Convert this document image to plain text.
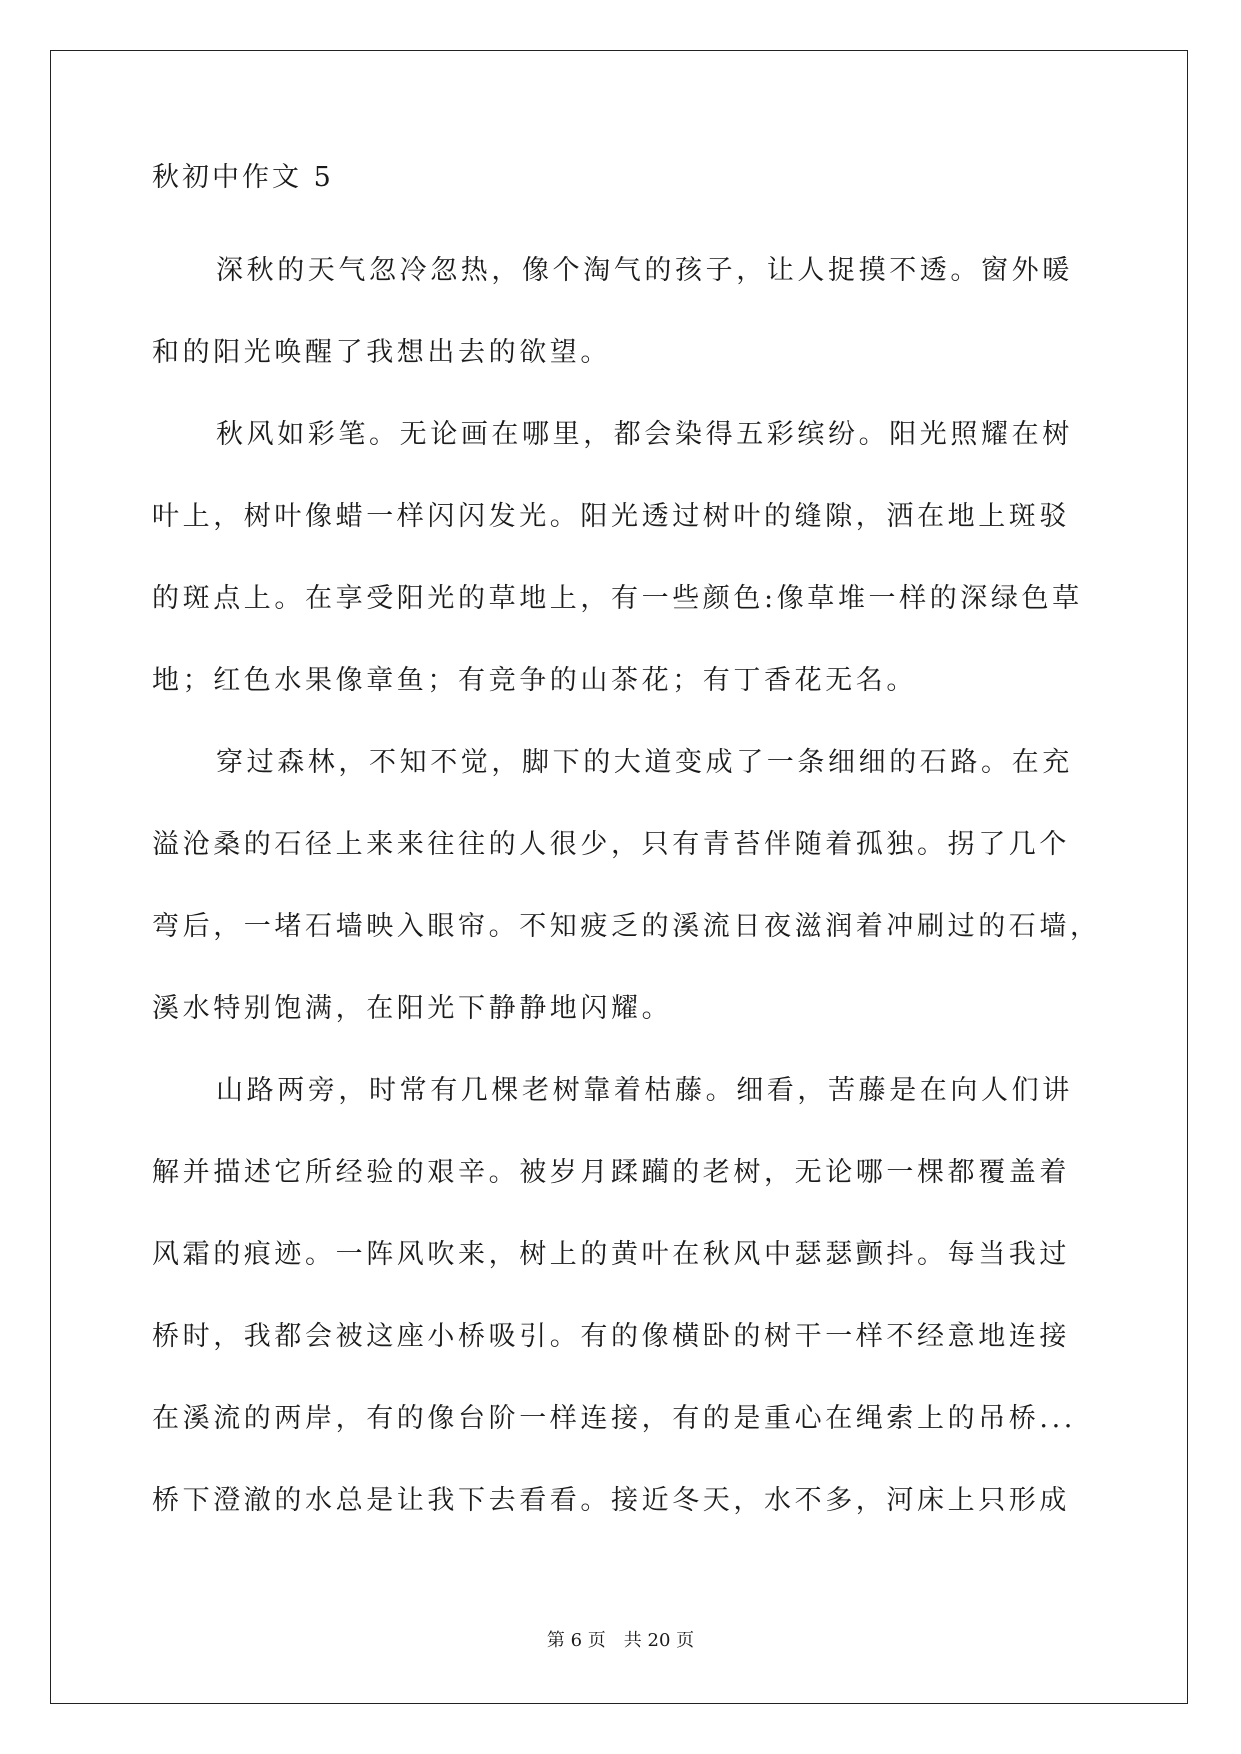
秋初中作文 5

深秋的天气忽冷忽热，像个淘气的孩子，让人捉摸不透。窗外暖
和的阳光唤醒了我想出去的欲望。

秋风如彩笔。无论画在哪里，都会染得五彩缤纷。阳光照耀在树
叶上，树叶像蜡一样闪闪发光。阳光透过树叶的缝隙，洒在地上斑驳
的斑点上。在享受阳光的草地上，有一些颜色:像草堆一样的深绿色草
地；红色水果像章鱼；有竞争的山茶花；有丁香花无名。

穿过森林，不知不觉，脚下的大道变成了一条细细的石路。在充
溢沧桑的石径上来来往往的人很少，只有青苔伴随着孤独。拐了几个
弯后，一堵石墙映入眼帘。不知疲乏的溪流日夜滋润着冲刷过的石墙，
溪水特别饱满，在阳光下静静地闪耀。

山路两旁，时常有几棵老树靠着枯藤。细看，苦藤是在向人们讲
解并描述它所经验的艰辛。被岁月蹂躏的老树，无论哪一棵都覆盖着
风霜的痕迹。一阵风吹来，树上的黄叶在秋风中瑟瑟颤抖。每当我过
桥时，我都会被这座小桥吸引。有的像横卧的树干一样不经意地连接
在溪流的两岸，有的像台阶一样连接，有的是重心在绳索上的吊桥...
桥下澄澈的水总是让我下去看看。接近冬天，水不多，河床上只形成

第 6 页 共 20 页
